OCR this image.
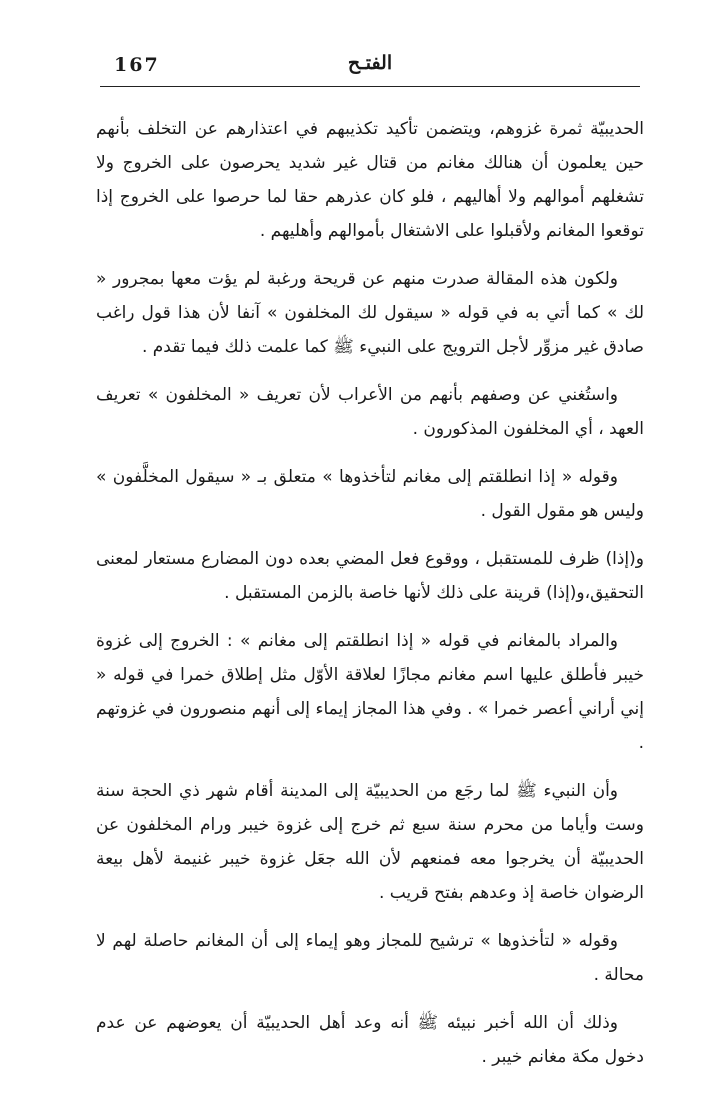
167	الفتـح

الحديبيّة ثمرة غزوهم، ويتضمن تأكيد تكذيبهم في اعتذارهم عن التخلف بأنهم حين يعلمون أن هنالك مغانم من قتال غير شديد يحرصون على الخروج ولا تشغلهم أموالهم ولا أهاليهم ، فلو كان عذرهم حقا لما حرصوا على الخروج إذا توقعوا المغانم ولأقبلوا على الاشتغال بأموالهم وأهليهم .

ولكون هذه المقالة صدرت منهم عن قريحة ورغبة لم يؤت معها بمجرور « لك » كما أتي به في قوله « سيقول لك المخلفون » آنفا لأن هذا قول راغب صادق غير مزوِّر لأجل الترويج على النبيء ﷺ كما علمت ذلك فيما تقدم .

واستُغني عن وصفهم بأنهم من الأعراب لأن تعريف « المخلفون » تعريف العهد ، أي المخلفون المذكورون .

وقوله « إذا انطلقتم إلى مغانم لتأخذوها » متعلق بـ « سيقول المخلَّفون » وليس هو مقول القول .

و(إذا) ظرف للمستقبل ، ووقوع فعل المضي بعده دون المضارع مستعار لمعنى التحقيق،و(إذا) قرينة على ذلك لأنها خاصة بالزمن المستقبل .

والمراد بالمغانم في قوله « إذا انطلقتم إلى مغانم » : الخروج إلى غزوة خيبر فأطلق عليها اسم مغانم مجازًا لعلاقة الأوّل مثل إطلاق خمرا في قوله « إني أراني أعصر خمرا » . وفي هذا المجاز إيماء إلى أنهم منصورون في غزوتهم .

وأن النبيء ﷺ لما رجَع من الحديبيّة إلى المدينة أقام شهر ذي الحجة سنة وست وأياما من محرم سنة سبع ثم خرج إلى غزوة خيبر ورام المخلفون عن الحديبيّة أن يخرجوا معه فمنعهم لأن الله جعَل غزوة خيبر غنيمة لأهل بيعة الرضوان خاصة إذ وعدهم بفتح قريب .

وقوله « لتأخذوها » ترشيح للمجاز وهو إيماء إلى أن المغانم حاصلة لهم لا محالة .

وذلك أن الله أخبر نبيئه ﷺ أنه وعد أهل الحديبيّة أن يعوضهم عن عدم دخول مكة مغانم خيبر .
